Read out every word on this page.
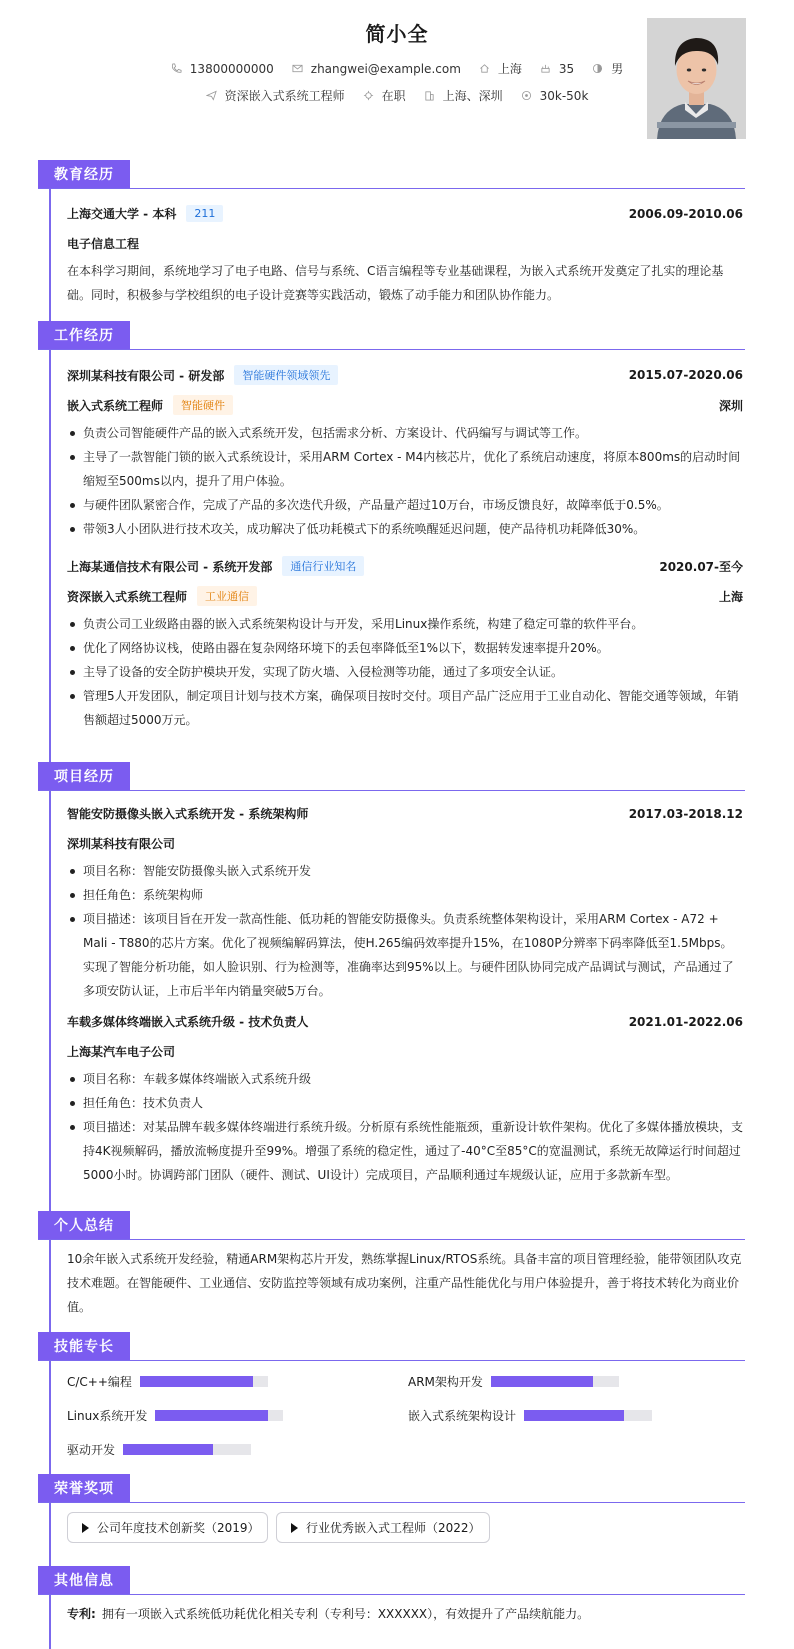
简小全
13800000000	zhangwei@example.com	上海	35	男
资深嵌入式系统工程师	在职	上海、深圳	30k-50k
教育经历
上海交通大学 - 本科	211	2006.09-2010.06
电子信息工程
在本科学习期间，系统地学习了电子电路、信号与系统、C语言编程等专业基础课程，为嵌入式系统开发奠定了扎实的理论基础。同时，积极参与学校组织的电子设计竞赛等实践活动，锻炼了动手能力和团队协作能力。
工作经历
深圳某科技有限公司 - 研发部	智能硬件领域领先	2015.07-2020.06
嵌入式系统工程师	智能硬件	深圳
负责公司智能硬件产品的嵌入式系统开发，包括需求分析、方案设计、代码编写与调试等工作。
主导了一款智能门锁的嵌入式系统设计，采用ARM Cortex - M4内核芯片，优化了系统启动速度，将原本800ms的启动时间缩短至500ms以内，提升了用户体验。
与硬件团队紧密合作，完成了产品的多次迭代升级，产品量产超过10万台，市场反馈良好，故障率低于0.5%。
带领3人小团队进行技术攻关，成功解决了低功耗模式下的系统唤醒延迟问题，使产品待机功耗降低30%。
上海某通信技术有限公司 - 系统开发部	通信行业知名	2020.07-至今
资深嵌入式系统工程师	工业通信	上海
负责公司工业级路由器的嵌入式系统架构设计与开发，采用Linux操作系统，构建了稳定可靠的软件平台。
优化了网络协议栈，使路由器在复杂网络环境下的丢包率降低至1%以下，数据转发速率提升20%。
主导了设备的安全防护模块开发，实现了防火墙、入侵检测等功能，通过了多项安全认证。
管理5人开发团队，制定项目计划与技术方案，确保项目按时交付。项目产品广泛应用于工业自动化、智能交通等领域，年销售额超过5000万元。
项目经历
智能安防摄像头嵌入式系统开发 - 系统架构师	2017.03-2018.12
深圳某科技有限公司
项目名称：智能安防摄像头嵌入式系统开发
担任角色：系统架构师
项目描述：该项目旨在开发一款高性能、低功耗的智能安防摄像头。负责系统整体架构设计，采用ARM Cortex - A72 + Mali - T880的芯片方案。优化了视频编解码算法，使H.265编码效率提升15%，在1080P分辨率下码率降低至1.5Mbps。实现了智能分析功能，如人脸识别、行为检测等，准确率达到95%以上。与硬件团队协同完成产品调试与测试，产品通过了多项安防认证，上市后半年内销量突破5万台。
车载多媒体终端嵌入式系统升级 - 技术负责人	2021.01-2022.06
上海某汽车电子公司
项目名称：车载多媒体终端嵌入式系统升级
担任角色：技术负责人
项目描述：对某品牌车载多媒体终端进行系统升级。分析原有系统性能瓶颈，重新设计软件架构。优化了多媒体播放模块，支持4K视频解码，播放流畅度提升至99%。增强了系统的稳定性，通过了-40°C至85°C的宽温测试，系统无故障运行时间超过5000小时。协调跨部门团队（硬件、测试、UI设计）完成项目，产品顺利通过车规级认证，应用于多款新车型。
个人总结
10余年嵌入式系统开发经验，精通ARM架构芯片开发，熟练掌握Linux/RTOS系统。具备丰富的项目管理经验，能带领团队攻克技术难题。在智能硬件、工业通信、安防监控等领域有成功案例，注重产品性能优化与用户体验提升，善于将技术转化为商业价值。
技能专长
C/C++编程	ARM架构开发
Linux系统开发	嵌入式系统架构设计
驱动开发
荣誉奖项
公司年度技术创新奖（2019）	行业优秀嵌入式工程师（2022）
其他信息
专利: 拥有一项嵌入式系统低功耗优化相关专利（专利号：XXXXXX），有效提升了产品续航能力。
